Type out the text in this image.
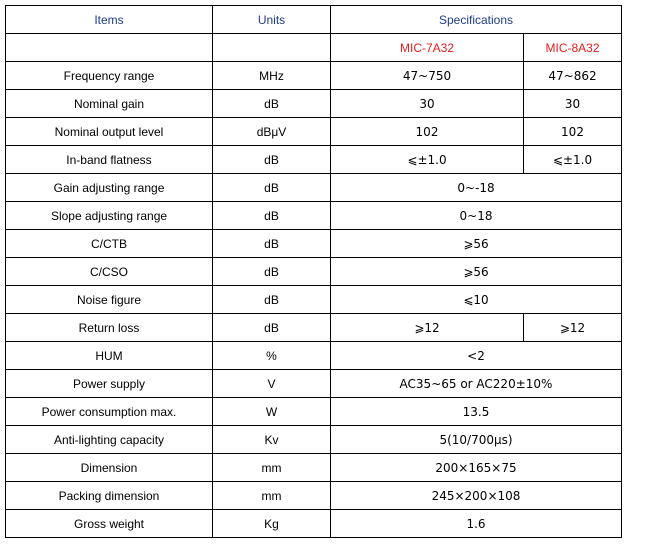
Items	Units	Specifications	
		MIC-7A32	MIC-8A32
Frequency range	MHz	47~750	47~862
Nominal gain	dB	30	30
Nominal output level	dBμV	102	102
In-band flatness	dB	⩽±1.0	⩽±1.0
Gain adjusting range	dB	0~-18	
Slope adjusting range	dB	0~18	
C/CTB	dB	⩾56	
C/CSO	dB	⩾56	
Noise figure	dB	⩽10	
Return loss	dB	⩾12	⩾12
HUM	%	<2	
Power supply	V	AC35~65 or AC220±10%	
Power consumption max.	W	13.5	
Anti-lighting capacity	Kv	5(10/700μs)	
Dimension	mm	200×165×75	
Packing dimension	mm	245×200×108	
Gross weight	Kg	1.6	
